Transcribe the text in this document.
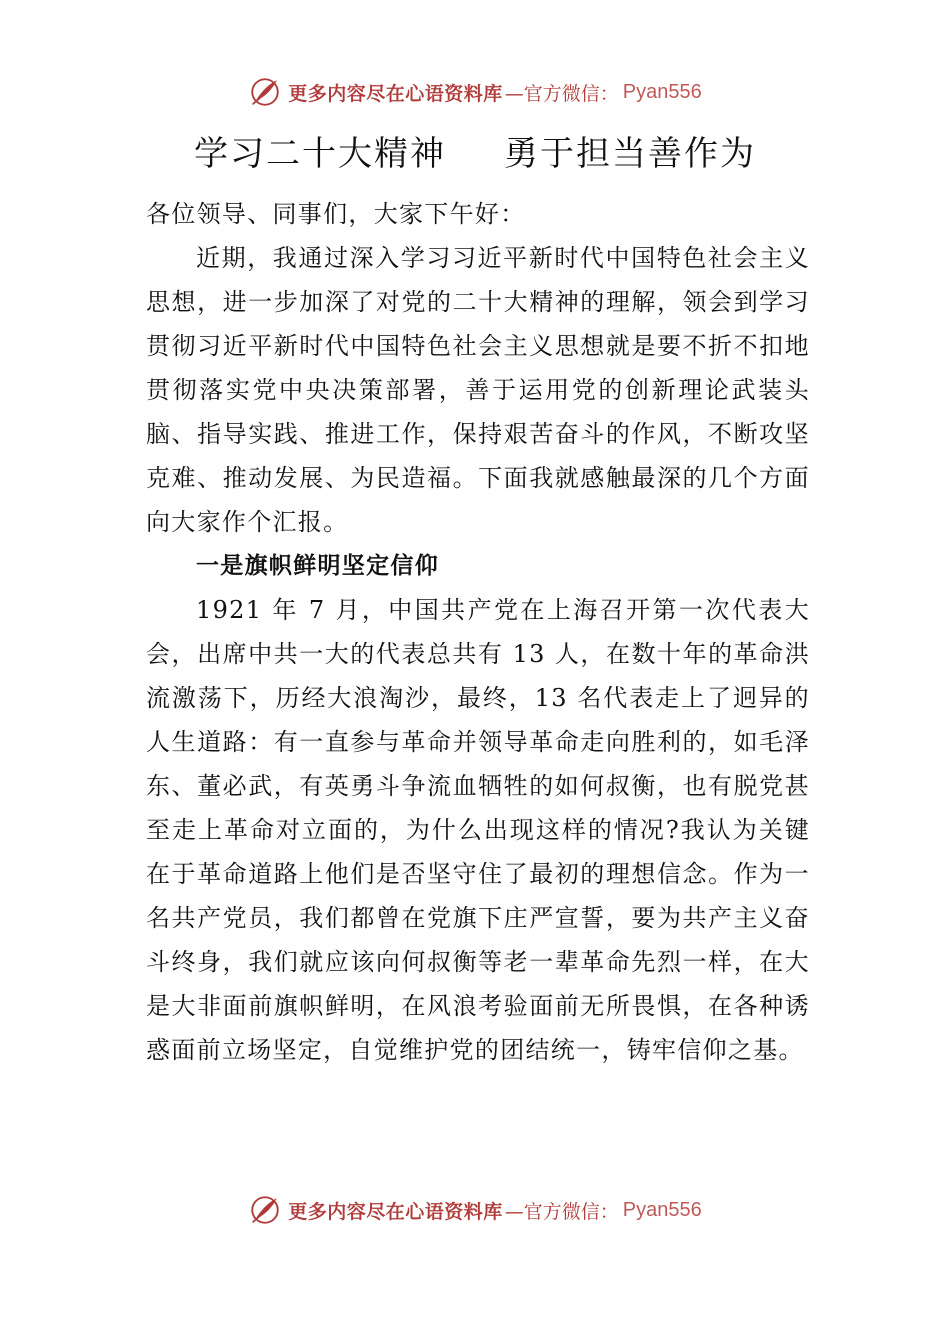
更多内容尽在心语资料库 —官方微信： Pyan556
学习二十大精神 勇于担当善作为

各位领导、同事们，大家下午好：

近期，我通过深入学习习近平新时代中国特色社会主义思想，进一步加深了对党的二十大精神的理解，领会到学习贯彻习近平新时代中国特色社会主义思想就是要不折不扣地贯彻落实党中央决策部署，善于运用党的创新理论武装头脑、指导实践、推进工作，保持艰苦奋斗的作风，不断攻坚 克难、推动发展、为民造福。下面我就感触最深的几个方面向大家作个汇报。

一是旗帜鲜明坚定信仰

1921 年 7 月，中国共产党在上海召开第一次代表大会，出席中共一大的代表总共有 13 人，在数十年的革命洪流激荡下，历经大浪淘沙，最终，13 名代表走上了迥异的人生道路：有一直参与革命并领导革命走向胜利的，如毛泽东、董必武，有英勇斗争流血牺牲的如何叔衡，也有脱党甚至走上革命对立面的，为什么出现这样的情况?我认为关键在于革命道路上他们是否坚守住了最初的理想信念。作为一名共产党员，我们都曾在党旗下庄严宣誓，要为共产主义奋斗终身，我们就应该向何叔衡等老一辈革命先烈一样，在大是大非面前旗帜鲜明，在风浪考验面前无所畏惧，在各种诱惑面前立场坚定，自觉维护党的团结统一，铸牢信仰之基。

更多内容尽在心语资料库 —官方微信： Pyan556
